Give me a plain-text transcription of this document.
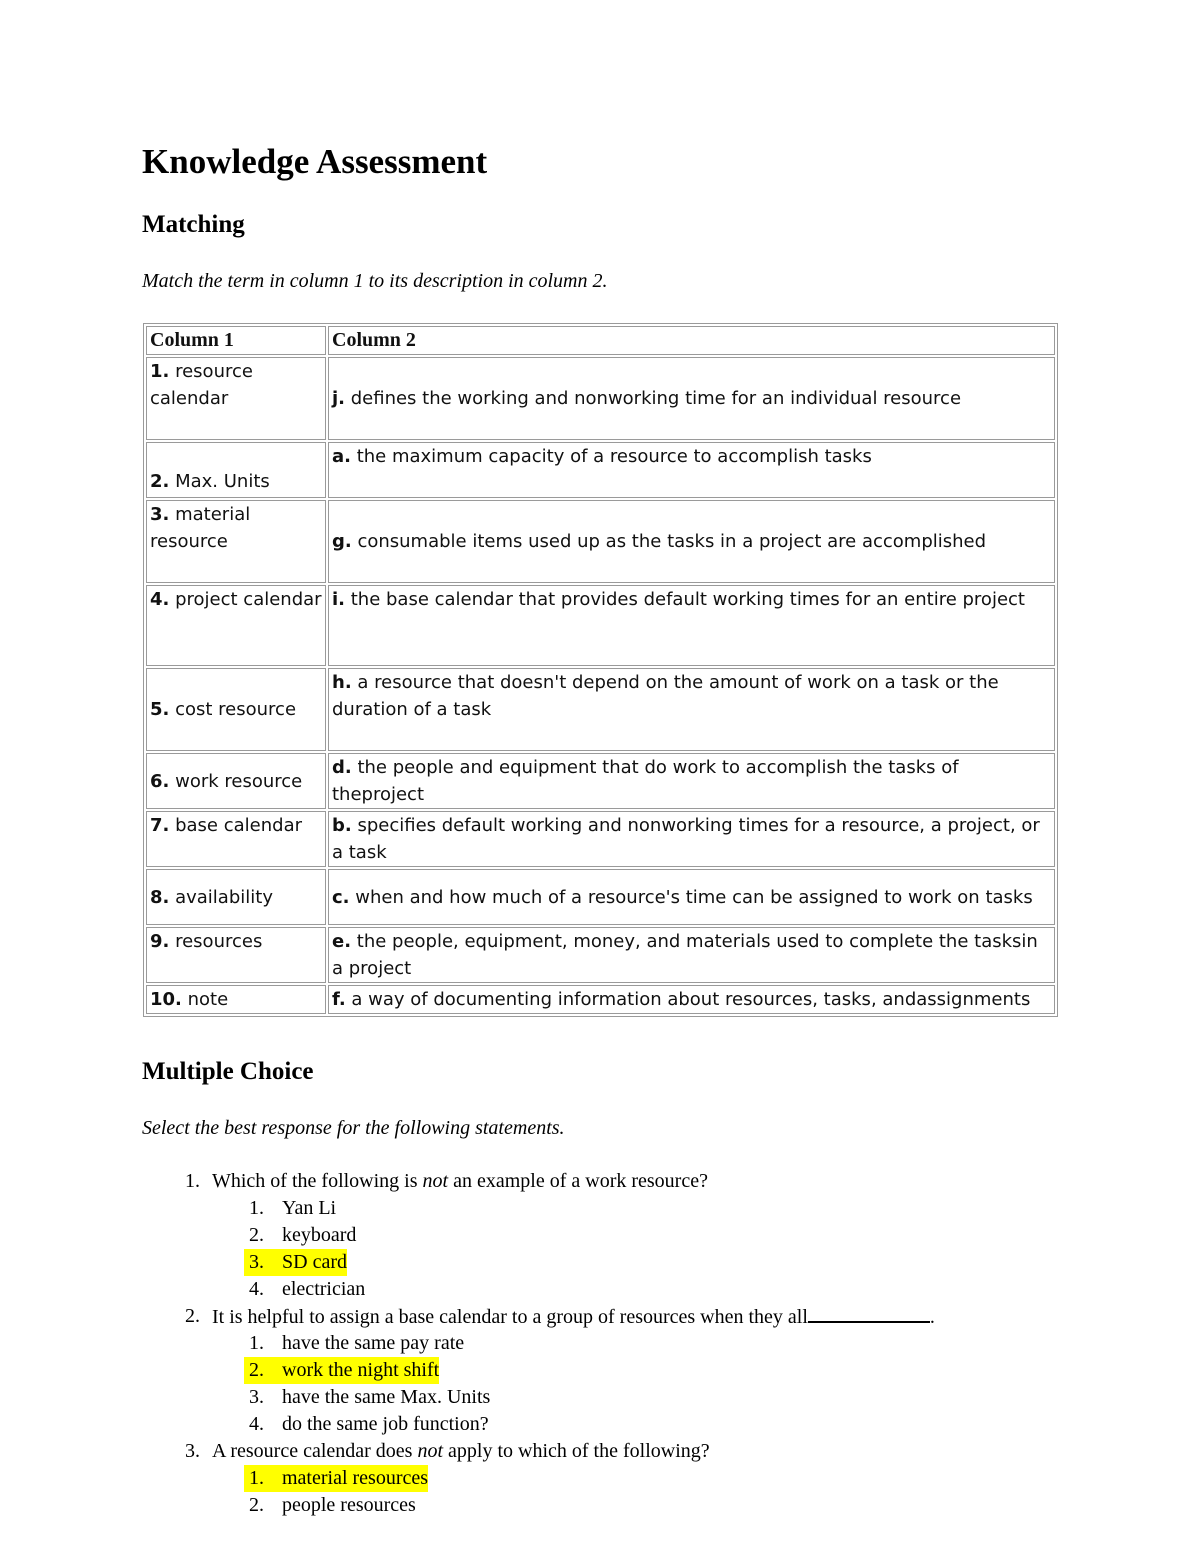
Knowledge Assessment
Matching

Match the term in column 1 to its description in column 2.

Column 1	Column 2
1. resource calendar	j. defines the working and nonworking time for an individual resource
2. Max. Units	a. the maximum capacity of a resource to accomplish tasks
3. material resource	g. consumable items used up as the tasks in a project are accomplished
4. project calendar	i. the base calendar that provides default working times for an entire project
5. cost resource	h. a resource that doesn't depend on the amount of work on a task or the duration of a task
6. work resource	d. the people and equipment that do work to accomplish the tasks of theproject
7. base calendar	b. specifies default working and nonworking times for a resource, a project, or a task
8. availability	c. when and how much of a resource's time can be assigned to work on tasks
9. resources	e. the people, equipment, money, and materials used to complete the tasksin a project
10. note	f. a way of documenting information about resources, tasks, andassignments
Multiple Choice

Select the best response for the following statements.

1. Which of the following is not an example of a work resource?
1. Yan Li
2. keyboard
3. SD card
4. electrician
2. It is helpful to assign a base calendar to a group of resources when they all	.
1. have the same pay rate
2. work the night shift
3. have the same Max. Units
4. do the same job function?
3. A resource calendar does not apply to which of the following?
1. material resources
2. people resources
